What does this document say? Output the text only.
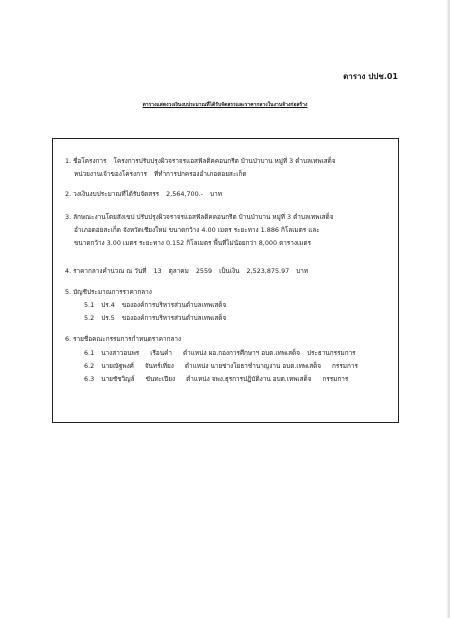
ตาราง ปปช.01
ตารางแสดงวงเงินงบประมาณที่ได้รับจัดสรรและราคากลางในงานจ้างก่อสร้าง
1. ชื่อโครงการ โครงการปรับปรุงผิวจราจรแอสฟัลติคคอนกรีต บ้านป่าบาน หมู่ที่ 3 ตำบลเทพเสด็จ
หน่วยงานเจ้าของโครงการ ที่ทำการปกครองอำเภอดอยสะเก็ด
2. วงเงินงบประมาณที่ได้รับจัดสรร 2,564,700.- บาท
3. ลักษณะงานโดยสังเขป ปรับปรุงผิวจราจรแอสฟัลติคคอนกรีต บ้านป่าบาน หมู่ที่ 3 ตำบลเทพเสด็จ
อำเภอดอยสะเก็ด จังหวัดเชียงใหม่ ขนาดกว้าง 4.00 เมตร ระยะทาง 1.886 กิโลเมตร และ
ขนาดกว้าง 3.00 เมตร ระยะทาง 0.152 กิโลเมตร พื้นที่ไม่น้อยกว่า 8,000 ตารางเมตร
4. ราคากลางคำนวณ ณ วันที่ 13 ตุลาคม 2559 เป็นเงิน 2,523,875.97 บาท
5. บัญชีประมาณการราคากลาง
5.1 ปร.4 ขององค์การบริหารส่วนตำบลเทพเสด็จ
5.2 ปร.5 ขององค์การบริหารส่วนตำบลเทพเสด็จ
6. รายชื่อคณะกรรมการกำหนดราคากลาง
6.1 นางสาวอนพร เรือนคำ ตำแหน่ง ผอ.กองการศึกษาฯ อบต.เทพเสด็จ ประธานกรรมการ
6.2 นายณัฐพงศ์ จันทร์เที่ยง ตำแหน่ง นายช่างโยธาชำนาญงาน อบต.เทพเสด็จ กรรมการ
6.3 นายชัชวิญล์ ขันทะเปียง ตำแหน่ง จพง.ธุรการปฏิบัติงาน อบต.เทพเสด็จ กรรมการ
